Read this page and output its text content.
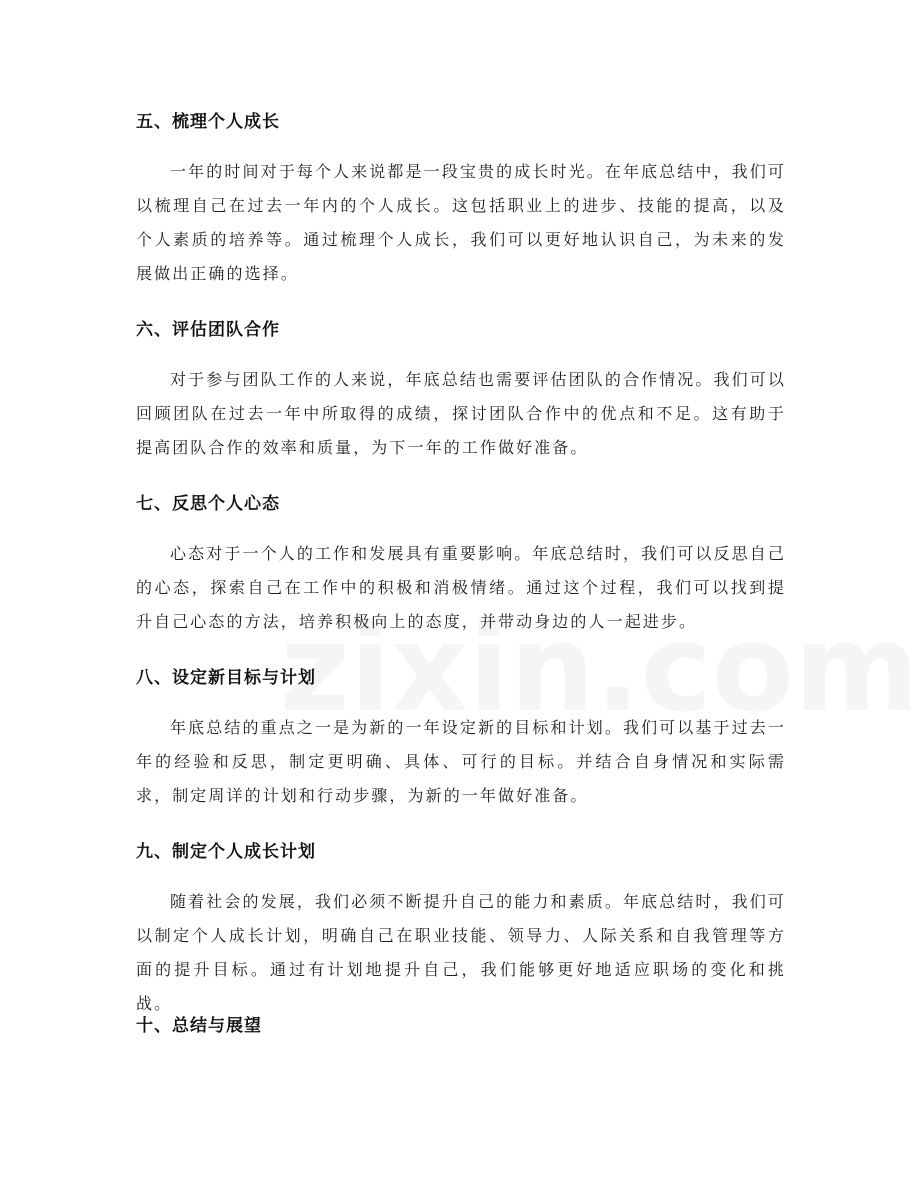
五、梳理个人成长
一年的时间对于每个人来说都是一段宝贵的成长时光。在年底总结中，我们可以梳理自己在过去一年内的个人成长。这包括职业上的进步、技能的提高，以及个人素质的培养等。通过梳理个人成长，我们可以更好地认识自己，为未来的发展做出正确的选择。
六、评估团队合作
对于参与团队工作的人来说，年底总结也需要评估团队的合作情况。我们可以回顾团队在过去一年中所取得的成绩，探讨团队合作中的优点和不足。这有助于提高团队合作的效率和质量，为下一年的工作做好准备。
七、反思个人心态
心态对于一个人的工作和发展具有重要影响。年底总结时，我们可以反思自己的心态，探索自己在工作中的积极和消极情绪。通过这个过程，我们可以找到提升自己心态的方法，培养积极向上的态度，并带动身边的人一起进步。
八、设定新目标与计划
年底总结的重点之一是为新的一年设定新的目标和计划。我们可以基于过去一年的经验和反思，制定更明确、具体、可行的目标。并结合自身情况和实际需求，制定周详的计划和行动步骤，为新的一年做好准备。
九、制定个人成长计划
随着社会的发展，我们必须不断提升自己的能力和素质。年底总结时，我们可以制定个人成长计划，明确自己在职业技能、领导力、人际关系和自我管理等方面的提升目标。通过有计划地提升自己，我们能够更好地适应职场的变化和挑战。
十、总结与展望
